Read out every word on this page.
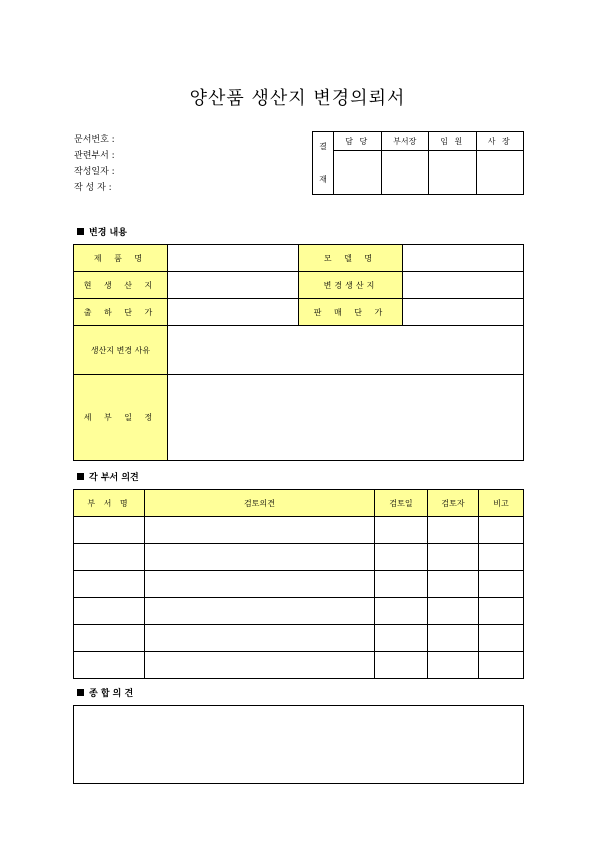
양산품 생산지 변경의뢰서
문서번호 :
관련부서 :
작성일자 :
작 성 자 :
결
재	담 당	부서장	임 원	사 장

변경 내용
제 품 명		모 델 명	
현 생 산 지		변경생산지	
출 하 단 가		판 매 단 가	
생산지 변경 사유			
세 부 일 정			
각 부서 의견
부 서 명	검토의견	검토일	검토자	비고

종 합 의 견
